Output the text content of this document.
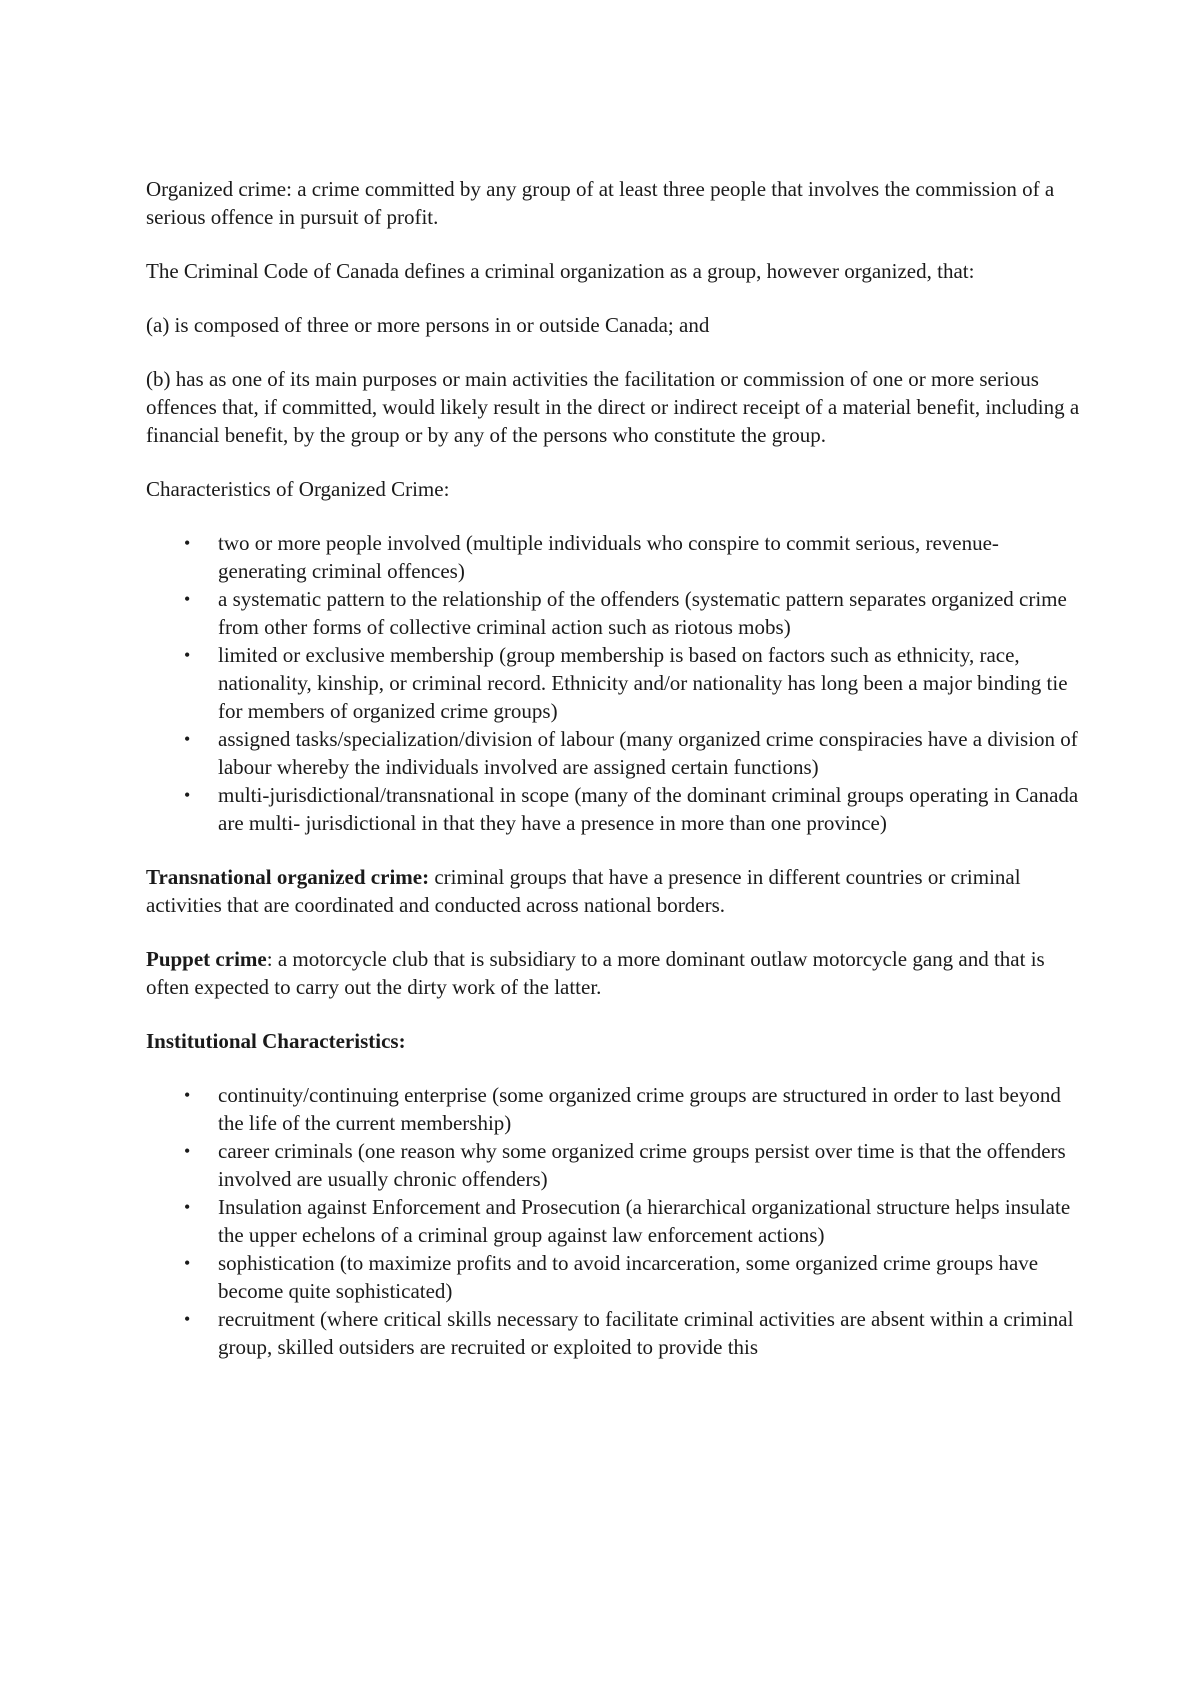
Organized crime: a crime committed by any group of at least three people that involves the commission of a serious offence in pursuit of profit.

The Criminal Code of Canada defines a criminal organization as a group, however organized, that:

(a) is composed of three or more persons in or outside Canada; and

(b) has as one of its main purposes or main activities the facilitation or commission of one or more serious offences that, if committed, would likely result in the direct or indirect receipt of a material benefit, including a financial benefit, by the group or by any of the persons who constitute the group.

Characteristics of Organized Crime:

• two or more people involved (multiple individuals who conspire to commit serious, revenue-generating criminal offences)
• a systematic pattern to the relationship of the offenders (systematic pattern separates organized crime from other forms of collective criminal action such as riotous mobs)
• limited or exclusive membership (group membership is based on factors such as ethnicity, race, nationality, kinship, or criminal record. Ethnicity and/or nationality has long been a major binding tie for members of organized crime groups)
• assigned tasks/specialization/division of labour (many organized crime conspiracies have a division of labour whereby the individuals involved are assigned certain functions)
• multi-jurisdictional/transnational in scope (many of the dominant criminal groups operating in Canada are multi- jurisdictional in that they have a presence in more than one province)

Transnational organized crime: criminal groups that have a presence in different countries or criminal activities that are coordinated and conducted across national borders.

Puppet crime: a motorcycle club that is subsidiary to a more dominant outlaw motorcycle gang and that is often expected to carry out the dirty work of the latter.

Institutional Characteristics:

• continuity/continuing enterprise (some organized crime groups are structured in order to last beyond the life of the current membership)
• career criminals (one reason why some organized crime groups persist over time is that the offenders involved are usually chronic offenders)
• Insulation against Enforcement and Prosecution (a hierarchical organizational structure helps insulate the upper echelons of a criminal group against law enforcement actions)
• sophistication (to maximize profits and to avoid incarceration, some organized crime groups have become quite sophisticated)
• recruitment (where critical skills necessary to facilitate criminal activities are absent within a criminal group, skilled outsiders are recruited or exploited to provide this
